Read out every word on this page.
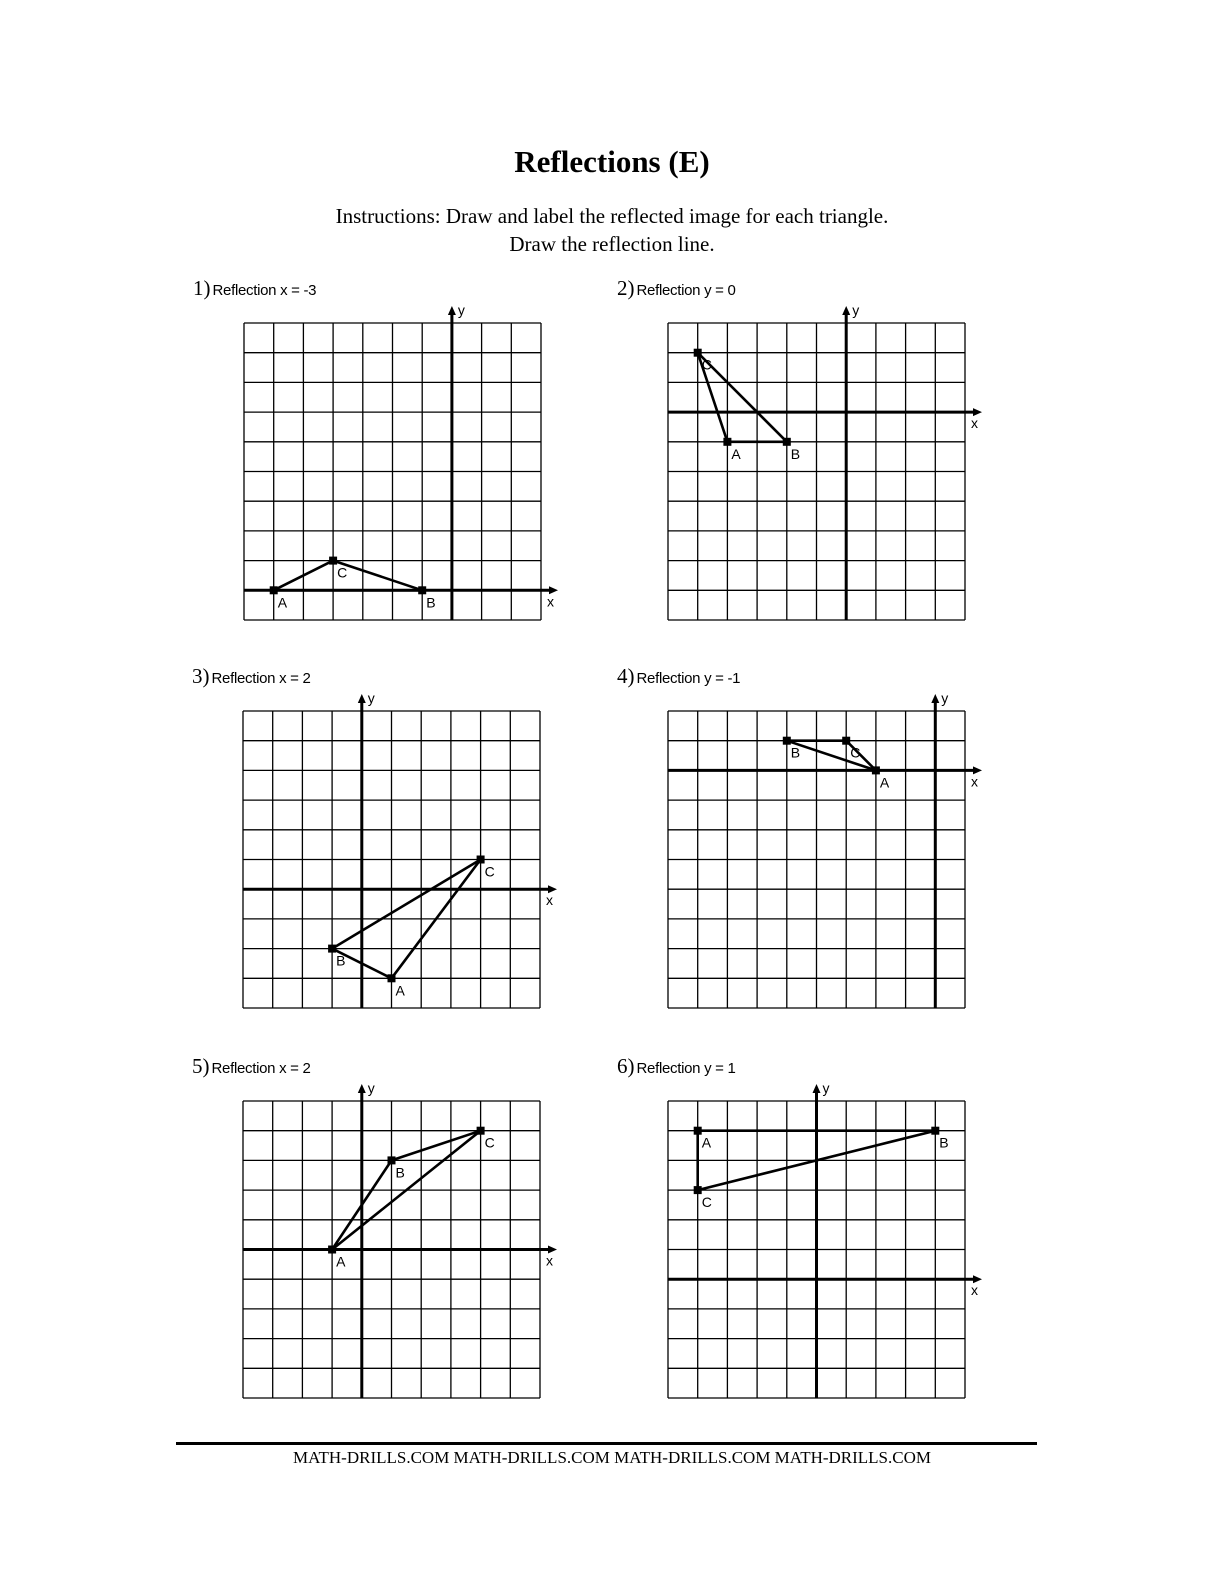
Reflections (E)
Instructions: Draw and label the reflected image for each triangle.
Draw the reflection line.
1) Reflection x = -3
x
y
A	B
C
2) Reflection y = 0
x
y
A	B
C
3) Reflection x = 2
x
y
A
B
C
4) Reflection y = -1
x
y
A
B	C
5) Reflection x = 2
x
y
A
B
C
6) Reflection y = 1
x
y
A	B
C
MATH-DRILLS.COM MATH-DRILLS.COM MATH-DRILLS.COM MATH-DRILLS.COM
